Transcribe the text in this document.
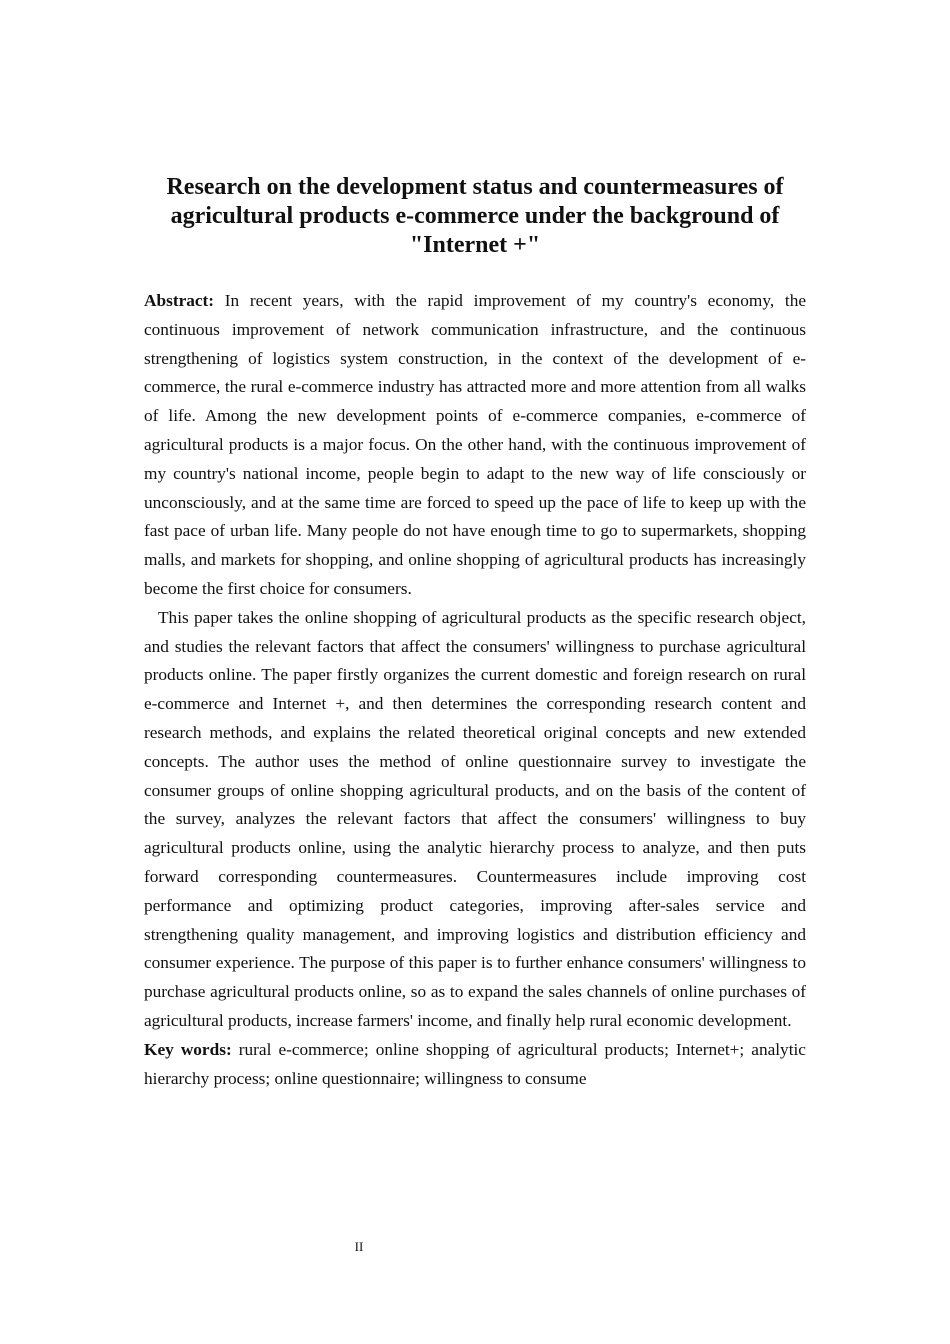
Research on the development status and countermeasures of agricultural products e-commerce under the background of "Internet +"

Abstract: In recent years, with the rapid improvement of my country's economy, the continuous improvement of network communication infrastructure, and the continuous strengthening of logistics system construction, in the context of the development of e-commerce, the rural e-commerce industry has attracted more and more attention from all walks of life. Among the new development points of e-commerce companies, e-commerce of agricultural products is a major focus. On the other hand, with the continuous improvement of my country's national income, people begin to adapt to the new way of life consciously or unconsciously, and at the same time are forced to speed up the pace of life to keep up with the fast pace of urban life. Many people do not have enough time to go to supermarkets, shopping malls, and markets for shopping, and online shopping of agricultural products has increasingly become the first choice for consumers.

This paper takes the online shopping of agricultural products as the specific research object, and studies the relevant factors that affect the consumers' willingness to purchase agricultural products online. The paper firstly organizes the current domestic and foreign research on rural e-commerce and Internet +, and then determines the corresponding research content and research methods, and explains the related theoretical original concepts and new extended concepts. The author uses the method of online questionnaire survey to investigate the consumer groups of online shopping agricultural products, and on the basis of the content of the survey, analyzes the relevant factors that affect the consumers' willingness to buy agricultural products online, using the analytic hierarchy process to analyze, and then puts forward corresponding countermeasures. Countermeasures include improving cost performance and optimizing product categories, improving after-sales service and strengthening quality management, and improving logistics and distribution efficiency and consumer experience. The purpose of this paper is to further enhance consumers' willingness to purchase agricultural products online, so as to expand the sales channels of online purchases of agricultural products, increase farmers' income, and finally help rural economic development.

Key words: rural e-commerce; online shopping of agricultural products; Internet+; analytic hierarchy process; online questionnaire; willingness to consume

II
